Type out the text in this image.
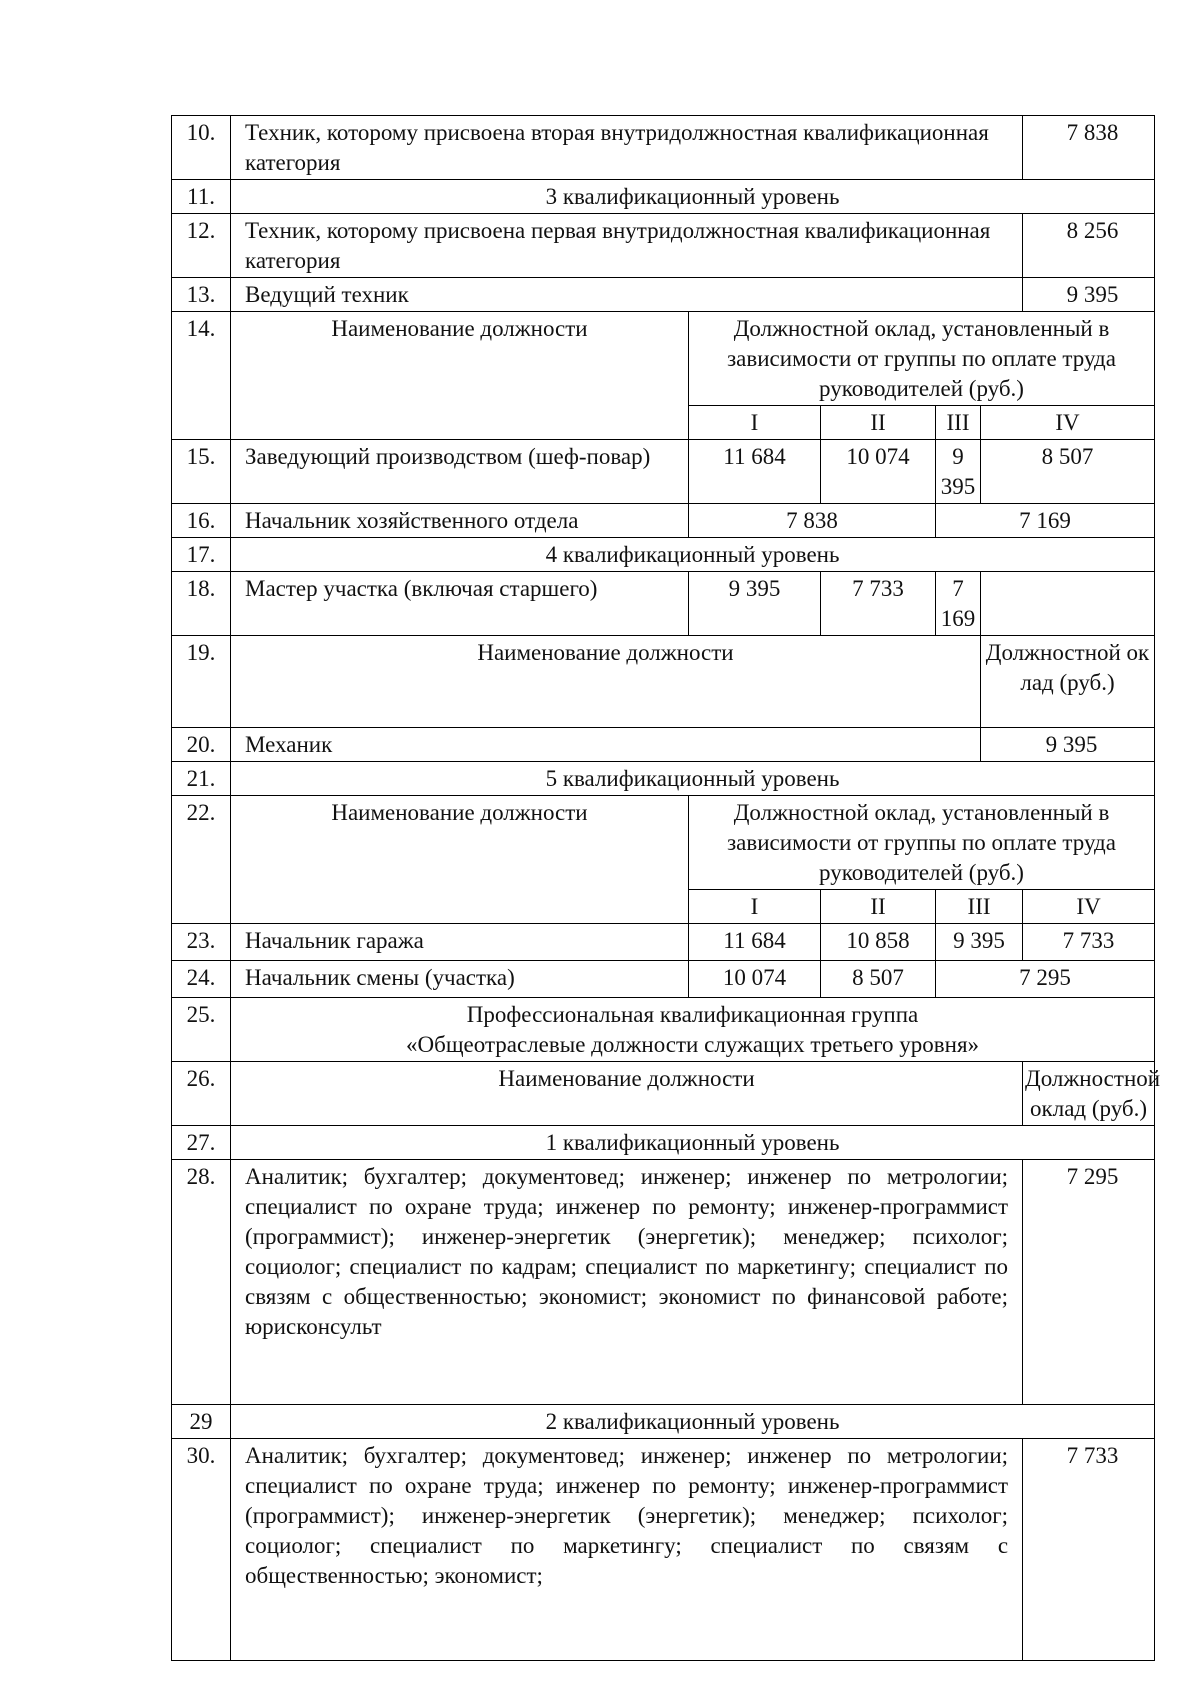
10.	Техник, которому присвоена вторая внутридолжностная квалификационная категория					7 838
11.	3 квалификационный уровень					
12.	Техник, которому присвоена первая внутридолжностная квалификационная категория					8 256
13.	Ведущий техник					9 395
14.	Наименование должности	Должностной оклад, установленный в зависимости от группы по оплате труда руководителей (руб.)				
		I	II	III	IV	
15.	Заведующий производством (шеф-повар)	11 684	10 074	9 395	8 507	
16.	Начальник хозяйственного отдела	7 838		7 169		
17.	4 квалификационный уровень					
18.	Мастер участка (включая старшего)	9 395	7 733	7 169		
19.	Наименование должности				Должностной оклад (руб.)	
20.	Механик				9 395	
21.	5 квалификационный уровень					
22.	Наименование должности	Должностной оклад, установленный в зависимости от группы по оплате труда руководителей (руб.)				
		I	II	III		IV
23.	Начальник гаража	11 684	10 858	9 395		7 733
24.	Начальник смены (участка)	10 074	8 507	7 295		
25.	Профессиональная квалификационная группа
«Общеотраслевые должности служащих третьего уровня»					

26.	Наименование должности					Должностной оклад (руб.)
27.	1 квалификационный уровень					
28.	Аналитик; бухгалтер; документовед; инженер; инженер по метрологии; специалист по охране труда; инженер по ремонту; инженер-программист (программист); инженер-энергетик (энергетик); менеджер; психолог; социолог; специалист по кадрам; специалист по маркетингу; специалист по связям с общественностью; экономист; экономист по финансовой работе; юрисконсульт					7 295
29	2 квалификационный уровень					
30.	Аналитик; бухгалтер; документовед; инженер; инженер по метрологии; специалист по охране труда; инженер по ремонту; инженер-программист (программист); инженер-энергетик (энергетик); менеджер; психолог; социолог; специалист по маркетингу; специалист по связям с общественностью; экономист;					7 733
